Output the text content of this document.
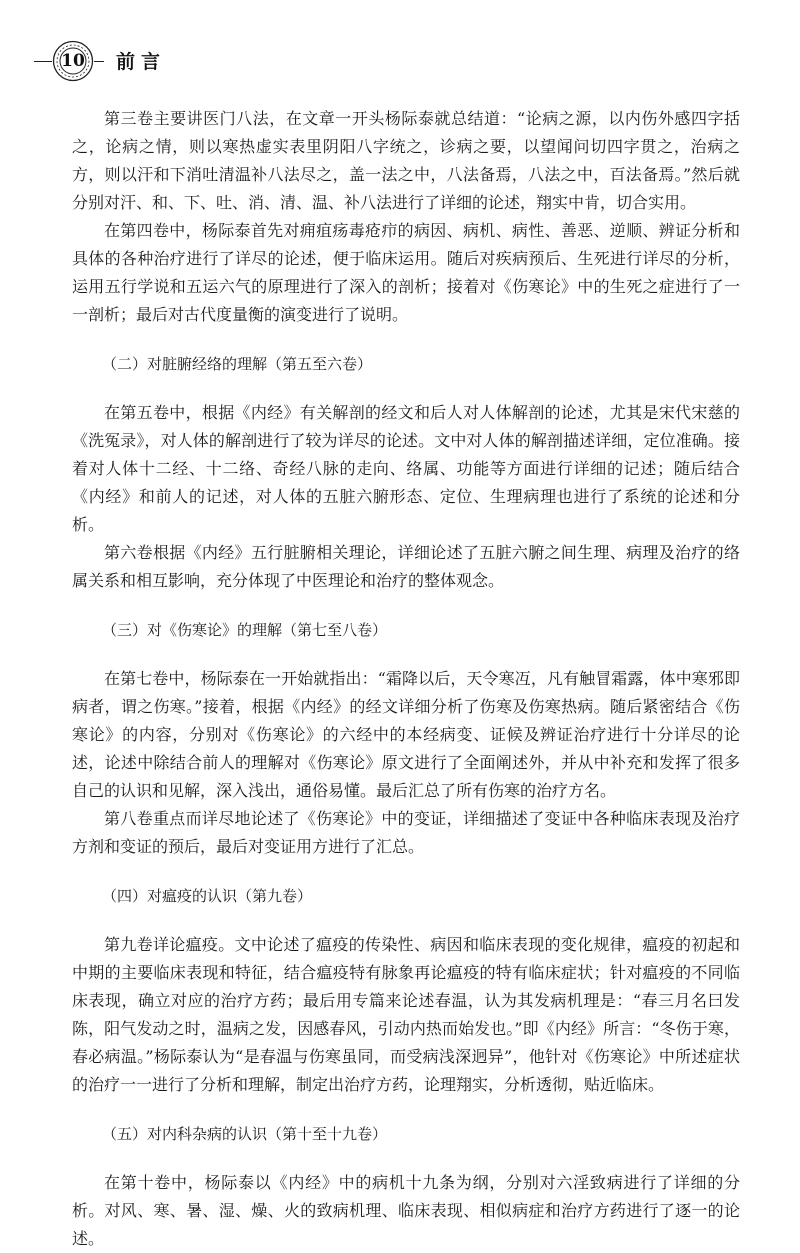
10	前言

第三卷主要讲医门八法，在文章一开头杨际泰就总结道：“论病之源，以内伤外感四字括之，论病之情，则以寒热虚实表里阴阳八字统之，诊病之要，以望闻问切四字贯之，治病之方，则以汗和下消吐清温补八法尽之，盖一法之中，八法备焉，八法之中，百法备焉。”然后就分别对汗、和、下、吐、消、清、温、补八法进行了详细的论述，翔实中肯，切合实用。

在第四卷中，杨际泰首先对痈疽疡毒疮疖的病因、病机、病性、善恶、逆顺、辨证分析和具体的各种治疗进行了详尽的论述，便于临床运用。随后对疾病预后、生死进行详尽的分析，运用五行学说和五运六气的原理进行了深入的剖析；接着对《伤寒论》中的生死之症进行了一一剖析；最后对古代度量衡的演变进行了说明。

（二）对脏腑经络的理解（第五至六卷）

在第五卷中，根据《内经》有关解剖的经文和后人对人体解剖的论述，尤其是宋代宋慈的《洗冤录》，对人体的解剖进行了较为详尽的论述。文中对人体的解剖描述详细，定位准确。接着对人体十二经、十二络、奇经八脉的走向、络属、功能等方面进行详细的记述；随后结合《内经》和前人的记述，对人体的五脏六腑形态、定位、生理病理也进行了系统的论述和分析。

第六卷根据《内经》五行脏腑相关理论，详细论述了五脏六腑之间生理、病理及治疗的络属关系和相互影响，充分体现了中医理论和治疗的整体观念。

（三）对《伤寒论》的理解（第七至八卷）

在第七卷中，杨际泰在一开始就指出：“霜降以后，天令寒冱，凡有触冒霜露，体中寒邪即病者，谓之伤寒。”接着，根据《内经》的经文详细分析了伤寒及伤寒热病。随后紧密结合《伤寒论》的内容，分别对《伤寒论》的六经中的本经病变、证候及辨证治疗进行十分详尽的论述，论述中除结合前人的理解对《伤寒论》原文进行了全面阐述外，并从中补充和发挥了很多自己的认识和见解，深入浅出，通俗易懂。最后汇总了所有伤寒的治疗方名。

第八卷重点而详尽地论述了《伤寒论》中的变证，详细描述了变证中各种临床表现及治疗方剂和变证的预后，最后对变证用方进行了汇总。

（四）对瘟疫的认识（第九卷）

第九卷详论瘟疫。文中论述了瘟疫的传染性、病因和临床表现的变化规律，瘟疫的初起和中期的主要临床表现和特征，结合瘟疫特有脉象再论瘟疫的特有临床症状；针对瘟疫的不同临床表现，确立对应的治疗方药；最后用专篇来论述春温，认为其发病机理是：“春三月名曰发陈，阳气发动之时，温病之发，因感春风，引动内热而始发也。”即《内经》所言：“冬伤于寒，春必病温。”杨际泰认为“是春温与伤寒虽同，而受病浅深迥异”，他针对《伤寒论》中所述症状的治疗一一进行了分析和理解，制定出治疗方药，论理翔实，分析透彻，贴近临床。

（五）对内科杂病的认识（第十至十九卷）

在第十卷中，杨际泰以《内经》中的病机十九条为纲，分别对六淫致病进行了详细的分析。对风、寒、暑、湿、燥、火的致病机理、临床表现、相似病症和治疗方药进行了逐一的论述。
